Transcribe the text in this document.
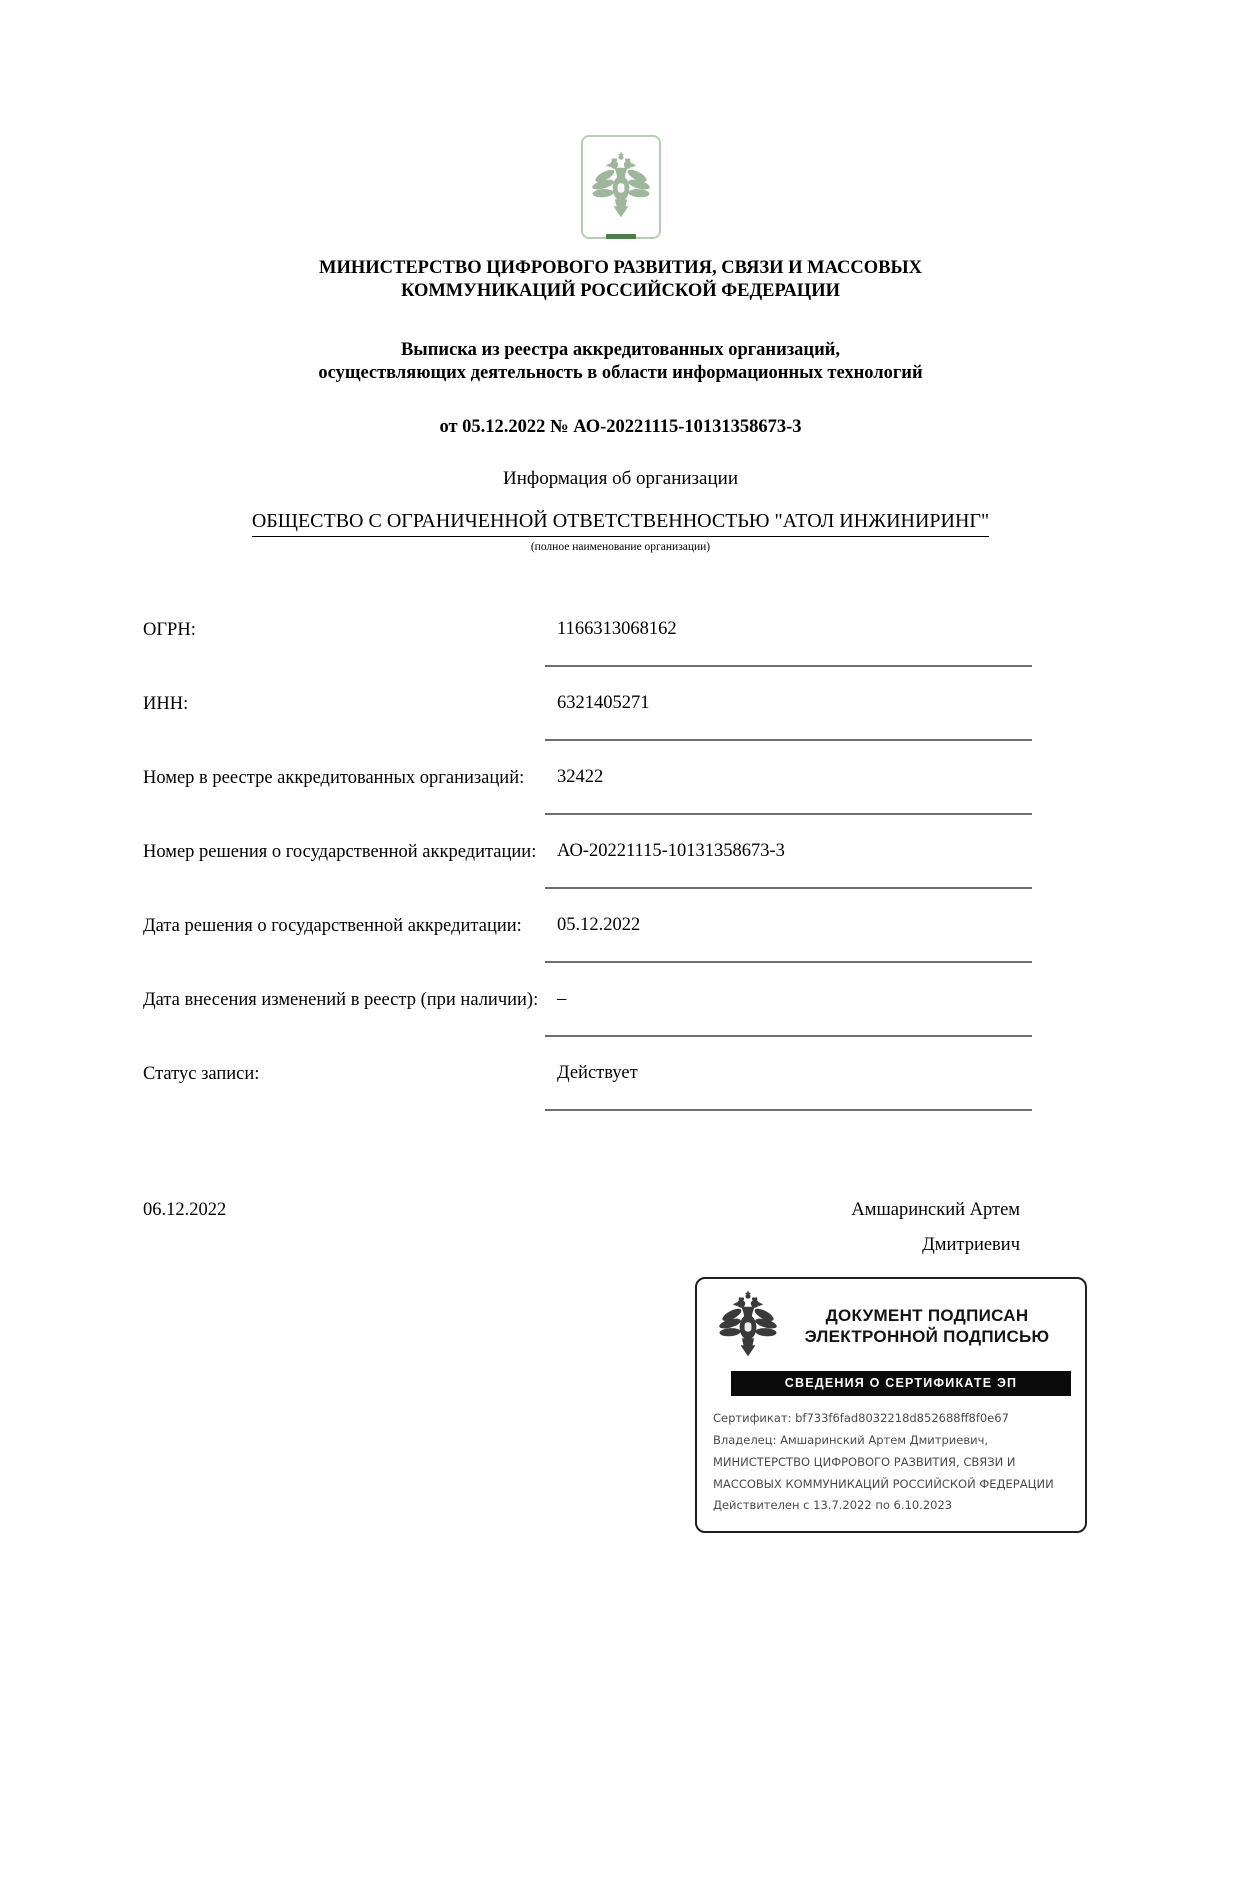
МИНИСТЕРСТВО ЦИФРОВОГО РАЗВИТИЯ, СВЯЗИ И МАССОВЫХ
КОММУНИКАЦИЙ РОССИЙСКОЙ ФЕДЕРАЦИИ
Выписка из реестра аккредитованных организаций,
осуществляющих деятельность в области информационных технологий
от 05.12.2022 № АО-20221115-10131358673-3
Информация об организации
ОБЩЕСТВО С ОГРАНИЧЕННОЙ ОТВЕТСТВЕННОСТЬЮ "АТОЛ ИНЖИНИРИНГ"
(полное наименование организации)
ОГРН:	1166313068162
ИНН:	6321405271
Номер в реестре аккредитованных организаций:	32422
Номер решения о государственной аккредитации:	АО-20221115-10131358673-3
Дата решения о государственной аккредитации:	05.12.2022
Дата внесения изменений в реестр (при наличии):	–
Статус записи:	Действует
06.12.2022	Амшаринский Артем
Дмитриевич
ДОКУМЕНТ ПОДПИСАН
ЭЛЕКТРОННОЙ ПОДПИСЬЮ
СВЕДЕНИЯ О СЕРТИФИКАТЕ ЭП
Сертификат: bf733f6fad8032218d852688ff8f0e67
Владелец: Амшаринский Артем Дмитриевич, МИНИСТЕРСТВО ЦИФРОВОГО РАЗВИТИЯ, СВЯЗИ И МАССОВЫХ КОММУНИКАЦИЙ РОССИЙСКОЙ ФЕДЕРАЦИИ
Действителен с 13.7.2022 по 6.10.2023
